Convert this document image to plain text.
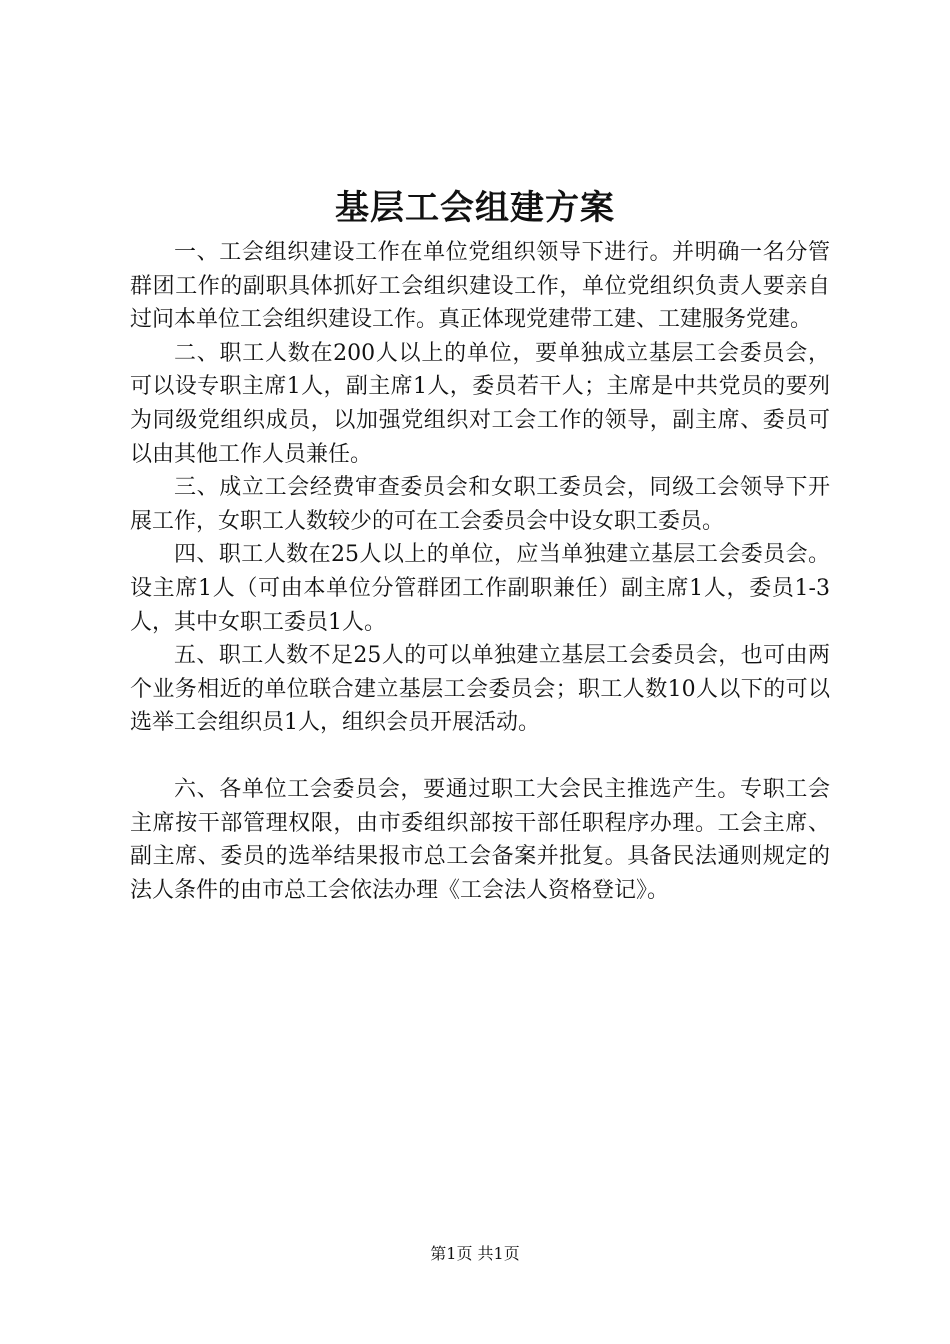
基层工会组建方案

一、工会组织建设工作在单位党组织领导下进行。并明确一名分管群团工作的副职具体抓好工会组织建设工作，单位党组织负责人要亲自过问本单位工会组织建设工作。真正体现党建带工建、工建服务党建。

二、职工人数在200人以上的单位，要单独成立基层工会委员会，可以设专职主席1人，副主席1人，委员若干人；主席是中共党员的要列为同级党组织成员，以加强党组织对工会工作的领导，副主席、委员可以由其他工作人员兼任。

三、成立工会经费审查委员会和女职工委员会，同级工会领导下开展工作，女职工人数较少的可在工会委员会中设女职工委员。

四、职工人数在25人以上的单位，应当单独建立基层工会委员会。设主席1人（可由本单位分管群团工作副职兼任）副主席1人，委员1-3人，其中女职工委员1人。

五、职工人数不足25人的可以单独建立基层工会委员会，也可由两个业务相近的单位联合建立基层工会委员会；职工人数10人以下的可以选举工会组织员1人，组织会员开展活动。

六、各单位工会委员会，要通过职工大会民主推选产生。专职工会主席按干部管理权限，由市委组织部按干部任职程序办理。工会主席、副主席、委员的选举结果报市总工会备案并批复。具备民法通则规定的法人条件的由市总工会依法办理《工会法人资格登记》。

第1页 共1页
